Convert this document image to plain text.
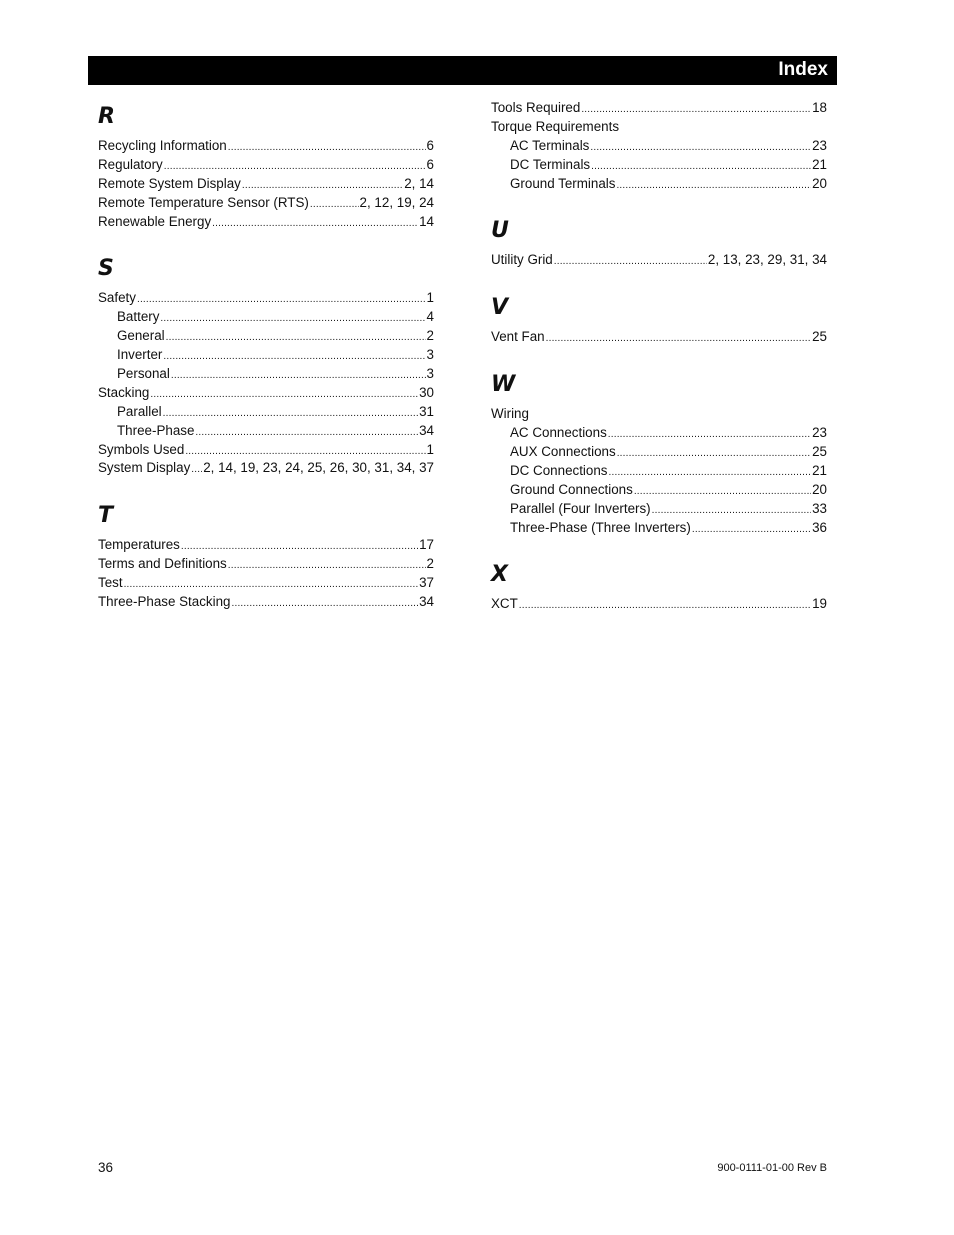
Index
R
Recycling Information .....	6
Regulatory .....	6
Remote System Display .....	2, 14
Remote Temperature Sensor (RTS) .....	2, 12, 19, 24
Renewable Energy .....	14
S
Safety .....	1
Battery .....	4
General .....	2
Inverter .....	3
Personal .....	3
Stacking .....	30
Parallel .....	31
Three-Phase .....	34
Symbols Used .....	1
System Display ..... 2, 14, 19, 23, 24, 25, 26, 30, 31, 34, 37
T
Temperatures .....	17
Terms and Definitions .....	2
Test .....	37
Three-Phase Stacking .....	34
Tools Required .....	18
Torque Requirements
AC Terminals .....	23
DC Terminals .....	21
Ground Terminals .....	20
U
Utility Grid .....	2, 13, 23, 29, 31, 34
V
Vent Fan .....	25
W
Wiring
AC Connections .....	23
AUX Connections .....	25
DC Connections .....	21
Ground Connections .....	20
Parallel (Four Inverters) .....	33
Three-Phase (Three Inverters) .....	36
X
XCT .....	19
36	900-0111-01-00 Rev B
